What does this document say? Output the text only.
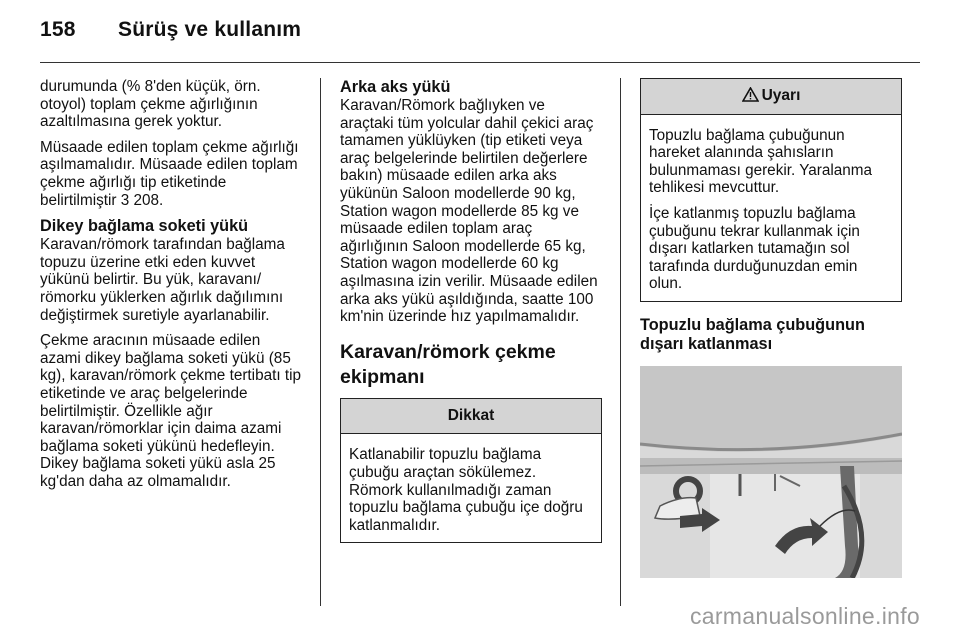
158 Sürüş ve kullanım

durumunda (% 8'den küçük, örn. otoyol) toplam çekme ağırlığının azaltılmasına gerek yoktur.

Müsaade edilen toplam çekme ağırlığı aşılmamalıdır. Müsaade edilen toplam çekme ağırlığı tip etiketinde belirtilmiştir 3 208.

Dikey bağlama soketi yükü

Karavan/römork tarafından bağlama topuzu üzerine etki eden kuvvet yükünü belirtir. Bu yük, karavanı/ römorku yüklerken ağırlık dağılımını değiştirmek suretiyle ayarlanabilir.

Çekme aracının müsaade edilen azami dikey bağlama soketi yükü (85 kg), karavan/römork çekme tertibatı tip etiketinde ve araç belgelerinde belirtilmiştir. Özellikle ağır karavan/römorklar için daima azami bağlama soketi yükünü hedefleyin. Dikey bağlama soketi yükü asla 25 kg'dan daha az olmamalıdır.

Arka aks yükü

Karavan/Römork bağlıyken ve araçtaki tüm yolcular dahil çekici araç tamamen yüklüyken (tip etiketi veya araç belgelerinde belirtilen değerlere bakın) müsaade edilen arka aks yükünün Saloon modellerde 90 kg, Station wagon modellerde 85 kg ve müsaade edilen toplam araç ağırlığının Saloon modellerde 65 kg, Station wagon modellerde 60 kg aşılmasına izin verilir. Müsaade edilen arka aks yükü aşıldığında, saatte 100 km'nin üzerinde hız yapılmamalıdır.

Karavan/römork çekme ekipmanı
Dikkat
Katlanabilir topuzlu bağlama çubuğu araçtan sökülemez. Römork kullanılmadığı zaman topuzlu bağlama çubuğu içe doğru katlanmalıdır.
Uyarı

Topuzlu bağlama çubuğunun hareket alanında şahısların bulunmaması gerekir. Yaralanma tehlikesi mevcuttur.

İçe katlanmış topuzlu bağlama çubuğunu tekrar kullanmak için dışarı katlarken tutamağın sol tarafında durduğunuzdan emin olun.

Topuzlu bağlama çubuğunun dışarı katlanması
carmanualsonline.info
